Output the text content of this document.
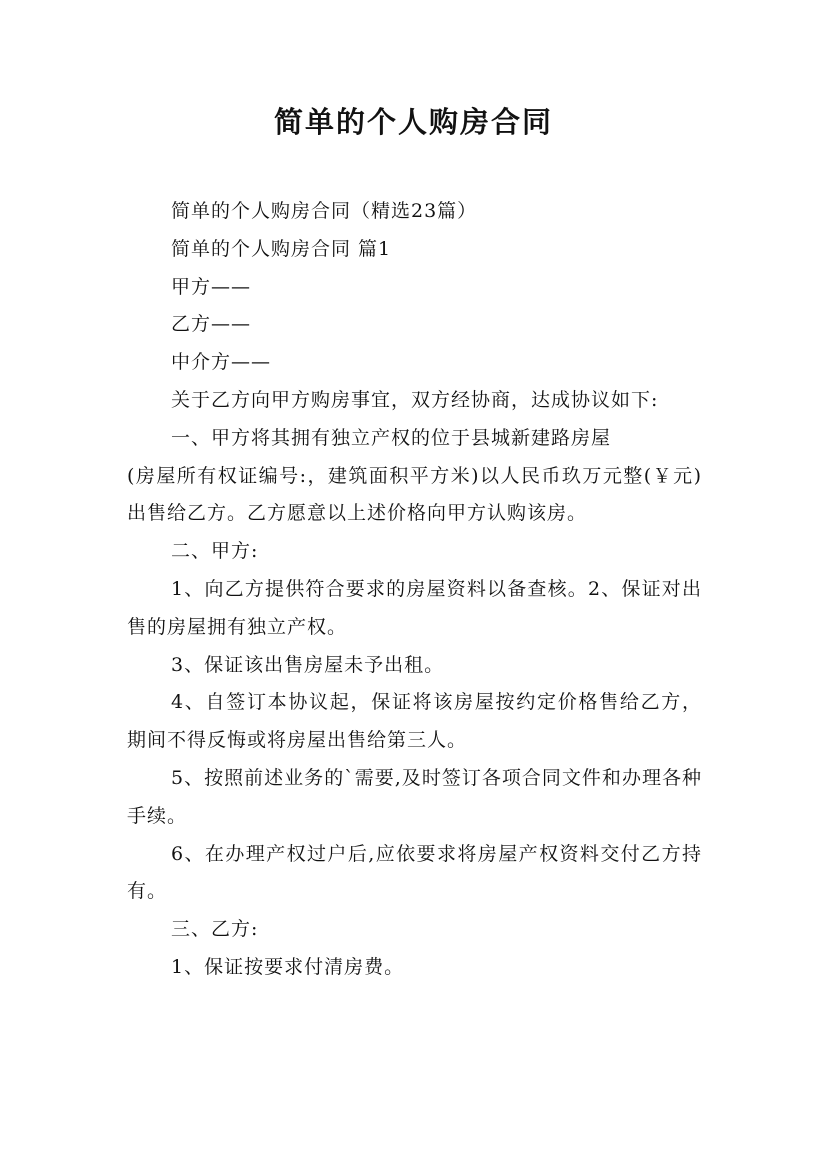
简单的个人购房合同

简单的个人购房合同（精选23篇）

简单的个人购房合同 篇1

甲方——

乙方——

中介方——

关于乙方向甲方购房事宜，双方经协商，达成协议如下:

一、甲方将其拥有独立产权的位于县城新建路房屋

(房屋所有权证编号:，建筑面积平方米)以人民币玖万元整(￥元)出售给乙方。乙方愿意以上述价格向甲方认购该房。

二、甲方:

1、向乙方提供符合要求的房屋资料以备查核。2、保证对出售的房屋拥有独立产权。

3、保证该出售房屋未予出租。

4、自签订本协议起，保证将该房屋按约定价格售给乙方，期间不得反悔或将房屋出售给第三人。

5、按照前述业务的`需要,及时签订各项合同文件和办理各种手续。

6、在办理产权过户后,应依要求将房屋产权资料交付乙方持有。

三、乙方:

1、保证按要求付清房费。
